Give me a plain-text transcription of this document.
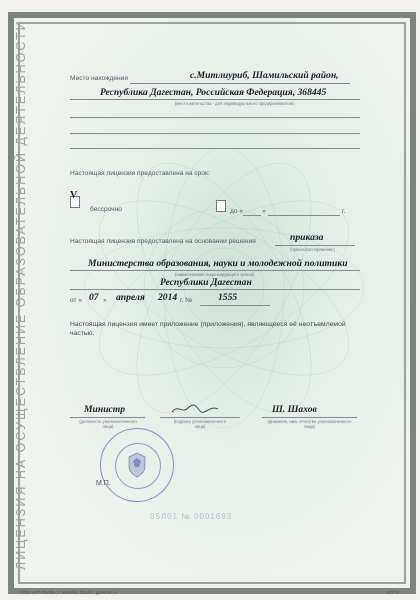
ЛИЦЕНЗИЯ НА ОСУЩЕСТВЛЕНИЕ ОБРАЗОВАТЕЛЬНОЙ ДЕЯТЕЛЬНОСТИ	Место нахождения	с.Митлиуриб, Шамильский район,
Республика Дагестан, Российская Федерация, 368445
(место жительства - для индивидуального предпринимателя)
Настоящая лицензия предоставлена на срок:
V
бессрочно	до «	»	г.
Настоящая лицензия предоставлена на основании решения	приказа
(приказ/распоряжение)
Министерства образования, науки и молодежной политики
(наименование лицензирующего органа)
Республики Дагестан
от « 07 » апреля 2014 г. №	1555
Настоящая лицензия имеет приложение (приложения), являющееся её неотъемлемой частью.
Министр
(должность уполномоченного лица)
(подпись уполномоченного лица)
Ш. Шахов
(фамилия, имя, отчество уполномоченного лица)
М.П.
05Л01 № 0001693
ООО «ПТ-ГРАФ», г. Москва, 2014 г., уровень А	А2772
